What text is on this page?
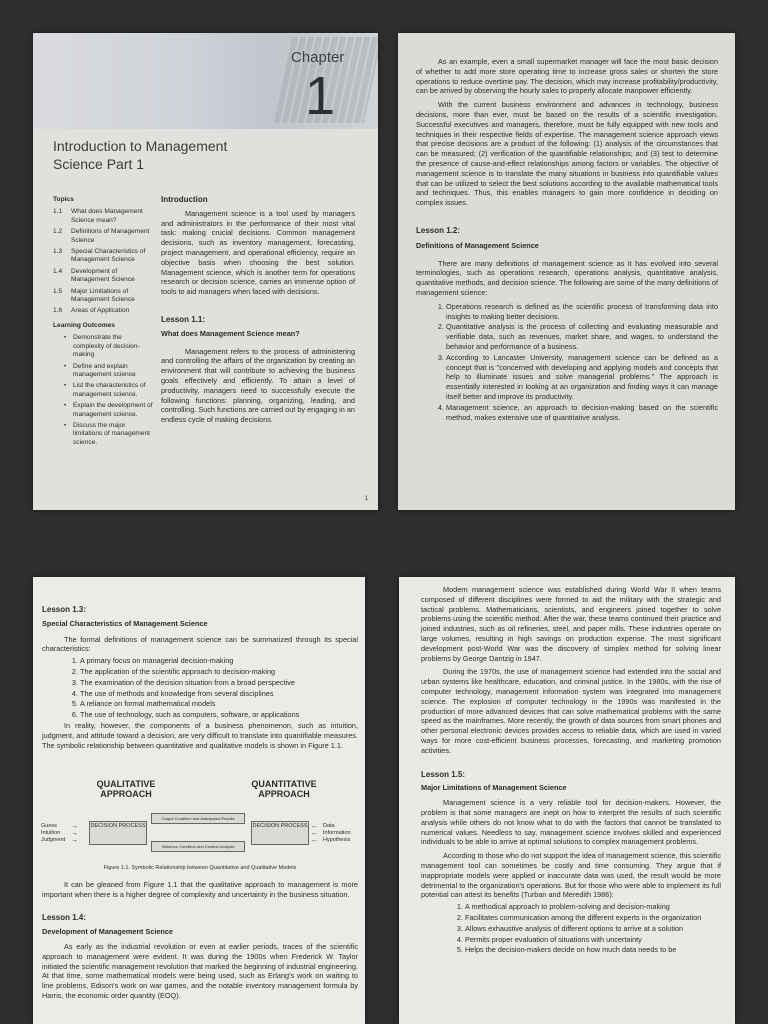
Chapter
1
Introduction to Management
Science Part 1
Topics
1.1	What does Management Science mean?
1.2	Definitions of Management Science
1.3	Special Characteristics of Management Science
1.4	Development of Management Science
1.5	Major Limitations of Management Science
1.6	Areas of Application
Learning Outcomes
• Demonstrate the complexity of decision-making
• Define and explain management science
• List the characteristics of management science.
• Explain the development of management science.
• Discuss the major limitations of management science.
Introduction
Management science is a tool used by managers and administrators in the performance of their most vital task: making crucial decisions. Common management decisions, such as inventory management, forecasting, project management, and operational efficiency, require an objective basis when choosing the best solution. Management science, which is another term for operations research or decision science, carries an immense option of tools to aid managers when faced with decisions.
Lesson 1.1:
What does Management Science mean?
Management refers to the process of administering and controlling the affairs of the organization by creating an environment that will contribute to achieving the business goals effectively and efficiently. To attain a level of productivity, managers need to successfully execute the following functions: planning, organizing, leading, and controlling. Such functions are carried out by engaging in an endless cycle of making decisions.
1
As an example, even a small supermarket manager will face the most basic decision of whether to add more store operating time to increase gross sales or shorten the store operations to reduce overtime pay. The decision, which may increase profitability/productivity, can be arrived by observing the hourly sales to properly allocate manpower efficiently.
With the current business environment and advances in technology, business decisions, more than ever, must be based on the results of a scientific investigation. Successful executives and managers, therefore, must be fully equipped with new tools and techniques in their respective fields of expertise. The management science approach views that precise decisions are a product of the following: (1) analysis of the circumstances that can be measured; (2) verification of the quantifiable relationships; and (3) test to determine the presence of cause-and-effect relationships among factors or variables. The objective of management science is to translate the many situations in business into quantifiable values that can be utilized to select the best solutions according to the available mathematical tools and techniques. Thus, this enables managers to gain more confidence in deciding on complex issues.
Lesson 1.2:
Definitions of Management Science
There are many definitions of management science as it has evolved into several terminologies, such as operations research, operations analysis, quantitative analysis, quantitative methods, and decision science. The following are some of the many definitions of management science:
1. Operations research is defined as the scientific process of transforming data into insights to making better decisions.
2. Quantitative analysis is the process of collecting and evaluating measurable and verifiable data, such as revenues, market share, and wages, to understand the behavior and performance of a business.
3. According to Lancaster University, management science can be defined as a concept that is "concerned with developing and applying models and concepts that help to illuminate issues and solve managerial problems." The approach is essentially interested in looking at an organization and finding ways it can manage itself better and improve its productivity.
4. Management science, an approach to decision-making based on the scientific method, makes extensive use of quantitative analysis.
Lesson 1.3:
Special Characteristics of Management Science
The formal definitions of management science can be summarized through its special characteristics:
1. A primary focus on managerial decision-making
2. The application of the scientific approach to decision-making
3. The examination of the decision situation from a broad perspective
4. The use of methods and knowledge from several disciplines
5. A reliance on formal mathematical models
6. The use of technology, such as computers, software, or applications
In reality, however, the components of a business phenomenon, such as intuition, judgment, and attitude toward a decision, are very difficult to translate into quantifiable measures. The symbolic relationship between quantitative and qualitative models is shown in Figure 1.1.
QUALITATIVE
APPROACH
QUANTITATIVE
APPROACH
Guess
Intuition
Judgment
→
→
→
DECISION PROCESS
Output Condition and Anticipated Results
Influence Condition and Context Analysis
DECISION PROCESS ←
←
←
Data
Information
Hypothesis
Figure 1.1. Symbolic Relationship between Quantitative and Qualitative Models
It can be gleaned from Figure 1.1 that the qualitative approach to management is more important when there is a higher degree of complexity and uncertainty in the business situation.
Lesson 1.4:
Development of Management Science
As early as the industrial revolution or even at earlier periods, traces of the scientific approach to management were evident. It was during the 1900s when Frederick W. Taylor initiated the scientific management revolution that marked the beginning of industrial engineering. At that time, some mathematical models were being used, such as Erlang's work on waiting to line problems, Edison's work on war games, and the notable inventory management formula by Harris, the economic order quantity (EOQ).
Modern management science was established during World War II when teams composed of different disciplines were formed to aid the military with the strategic and tactical problems. Mathematicians, scientists, and engineers joined together to solve problems using the scientific method. After the war, these teams continued their practice and joined industries, such as oil refineries, steel, and paper mills. These industries operate on large volumes, resulting in high savings on production expense. The most significant development post-World War was the discovery of simplex method for solving linear problems by George Dantzig in 1947.
During the 1970s, the use of management science had extended into the social and urban systems like healthcare, education, and criminal justice. In the 1980s, with the rise of computer technology, management information system was integrated into management science. The explosion of computer technology in the 1990s was manifested in the production of more advanced devices that can solve mathematical problems with the same speed as the mainframes. More recently, the growth of data sources from smart phones and other personal electronic devices provides access to reliable data, which are used in varied ways for more cost-efficient business processes, forecasting, and marketing promotion activities.
Lesson 1.5:
Major Limitations of Management Science
Management science is a very reliable tool for decision-makers. However, the problem is that some managers are inept on how to interpret the results of such scientific analysis while others do not know what to do with the factors that cannot be translated to numerical values. Needless to say, management science involves skilled and experienced individuals to be able to arrive at optimal solutions to complex management problems.
According to those who do not support the idea of management science, this scientific management tool can sometimes be costly and time consuming. They argue that if inappropriate models were applied or inaccurate data was used, the result would be more detrimental to the organization's operations. But for those who were able to implement its full potential can attest its benefits (Turban and Meredith 1986):
1. A methodical approach to problem-solving and decision-making
2. Facilitates communication among the different experts in the organization
3. Allows exhaustive analysis of different options to arrive at a solution
4. Permits proper evaluation of situations with uncertainty
5. Helps the decision-makers decide on how much data needs to be
